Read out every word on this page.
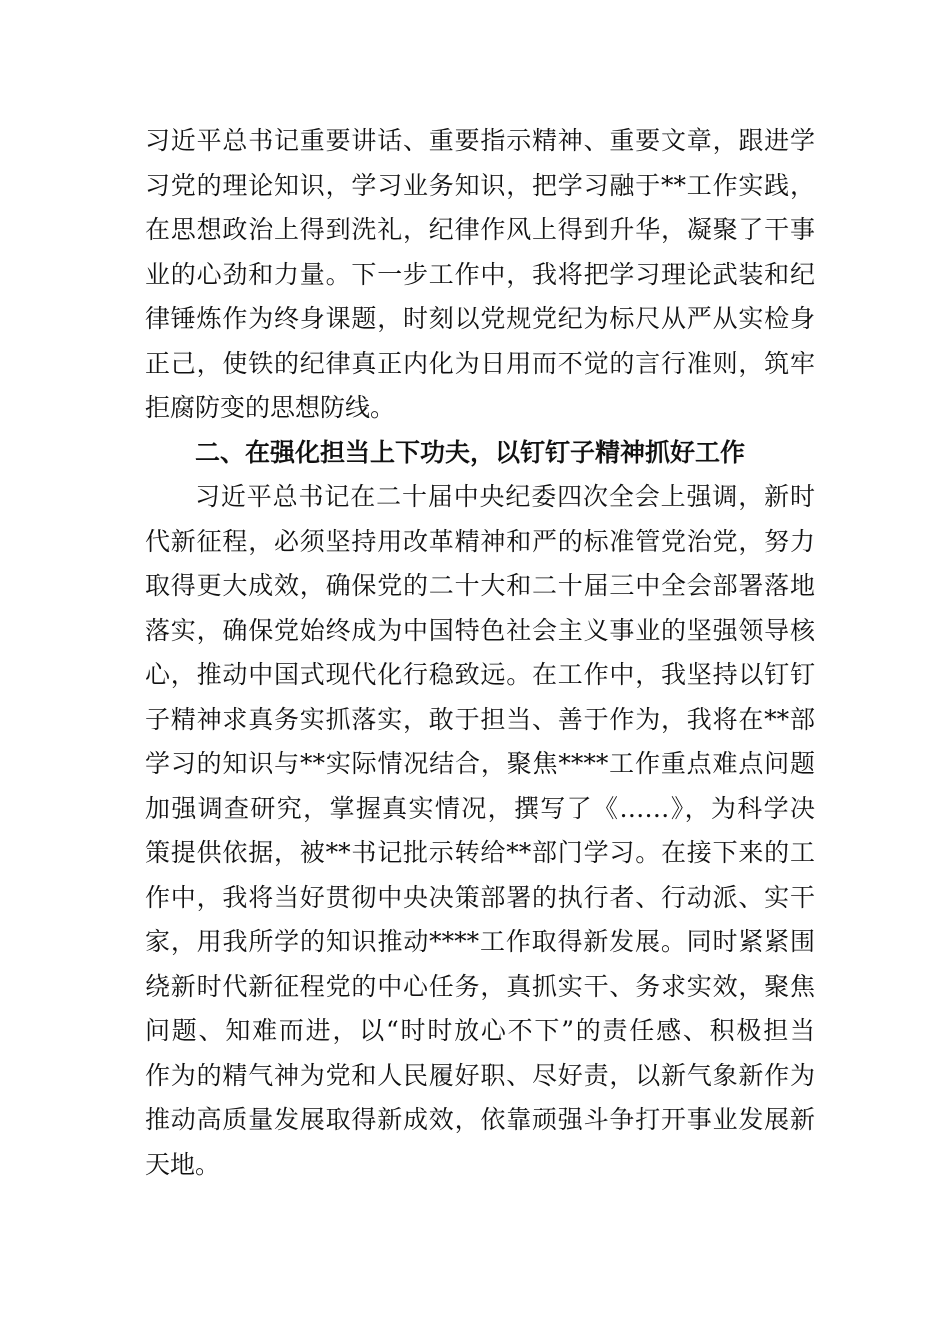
习近平总书记重要讲话、重要指示精神、重要文章，跟进学
习党的理论知识，学习业务知识，把学习融于**工作实践，
在思想政治上得到洗礼，纪律作风上得到升华，凝聚了干事
业的心劲和力量。下一步工作中，我将把学习理论武装和纪
律锤炼作为终身课题，时刻以党规党纪为标尺从严从实检身
正己，使铁的纪律真正内化为日用而不觉的言行准则，筑牢
拒腐防变的思想防线。
二、在强化担当上下功夫，以钉钉子精神抓好工作
习近平总书记在二十届中央纪委四次全会上强调，新时
代新征程，必须坚持用改革精神和严的标准管党治党，努力
取得更大成效，确保党的二十大和二十届三中全会部署落地
落实，确保党始终成为中国特色社会主义事业的坚强领导核
心，推动中国式现代化行稳致远。在工作中，我坚持以钉钉
子精神求真务实抓落实，敢于担当、善于作为，我将在**部
学习的知识与**实际情况结合，聚焦****工作重点难点问题
加强调查研究，掌握真实情况，撰写了《……》，为科学决
策提供依据，被**书记批示转给**部门学习。在接下来的工
作中，我将当好贯彻中央决策部署的执行者、行动派、实干
家，用我所学的知识推动****工作取得新发展。同时紧紧围
绕新时代新征程党的中心任务，真抓实干、务求实效，聚焦
问题、知难而进，以“时时放心不下”的责任感、积极担当
作为的精气神为党和人民履好职、尽好责，以新气象新作为
推动高质量发展取得新成效，依靠顽强斗争打开事业发展新
天地。
